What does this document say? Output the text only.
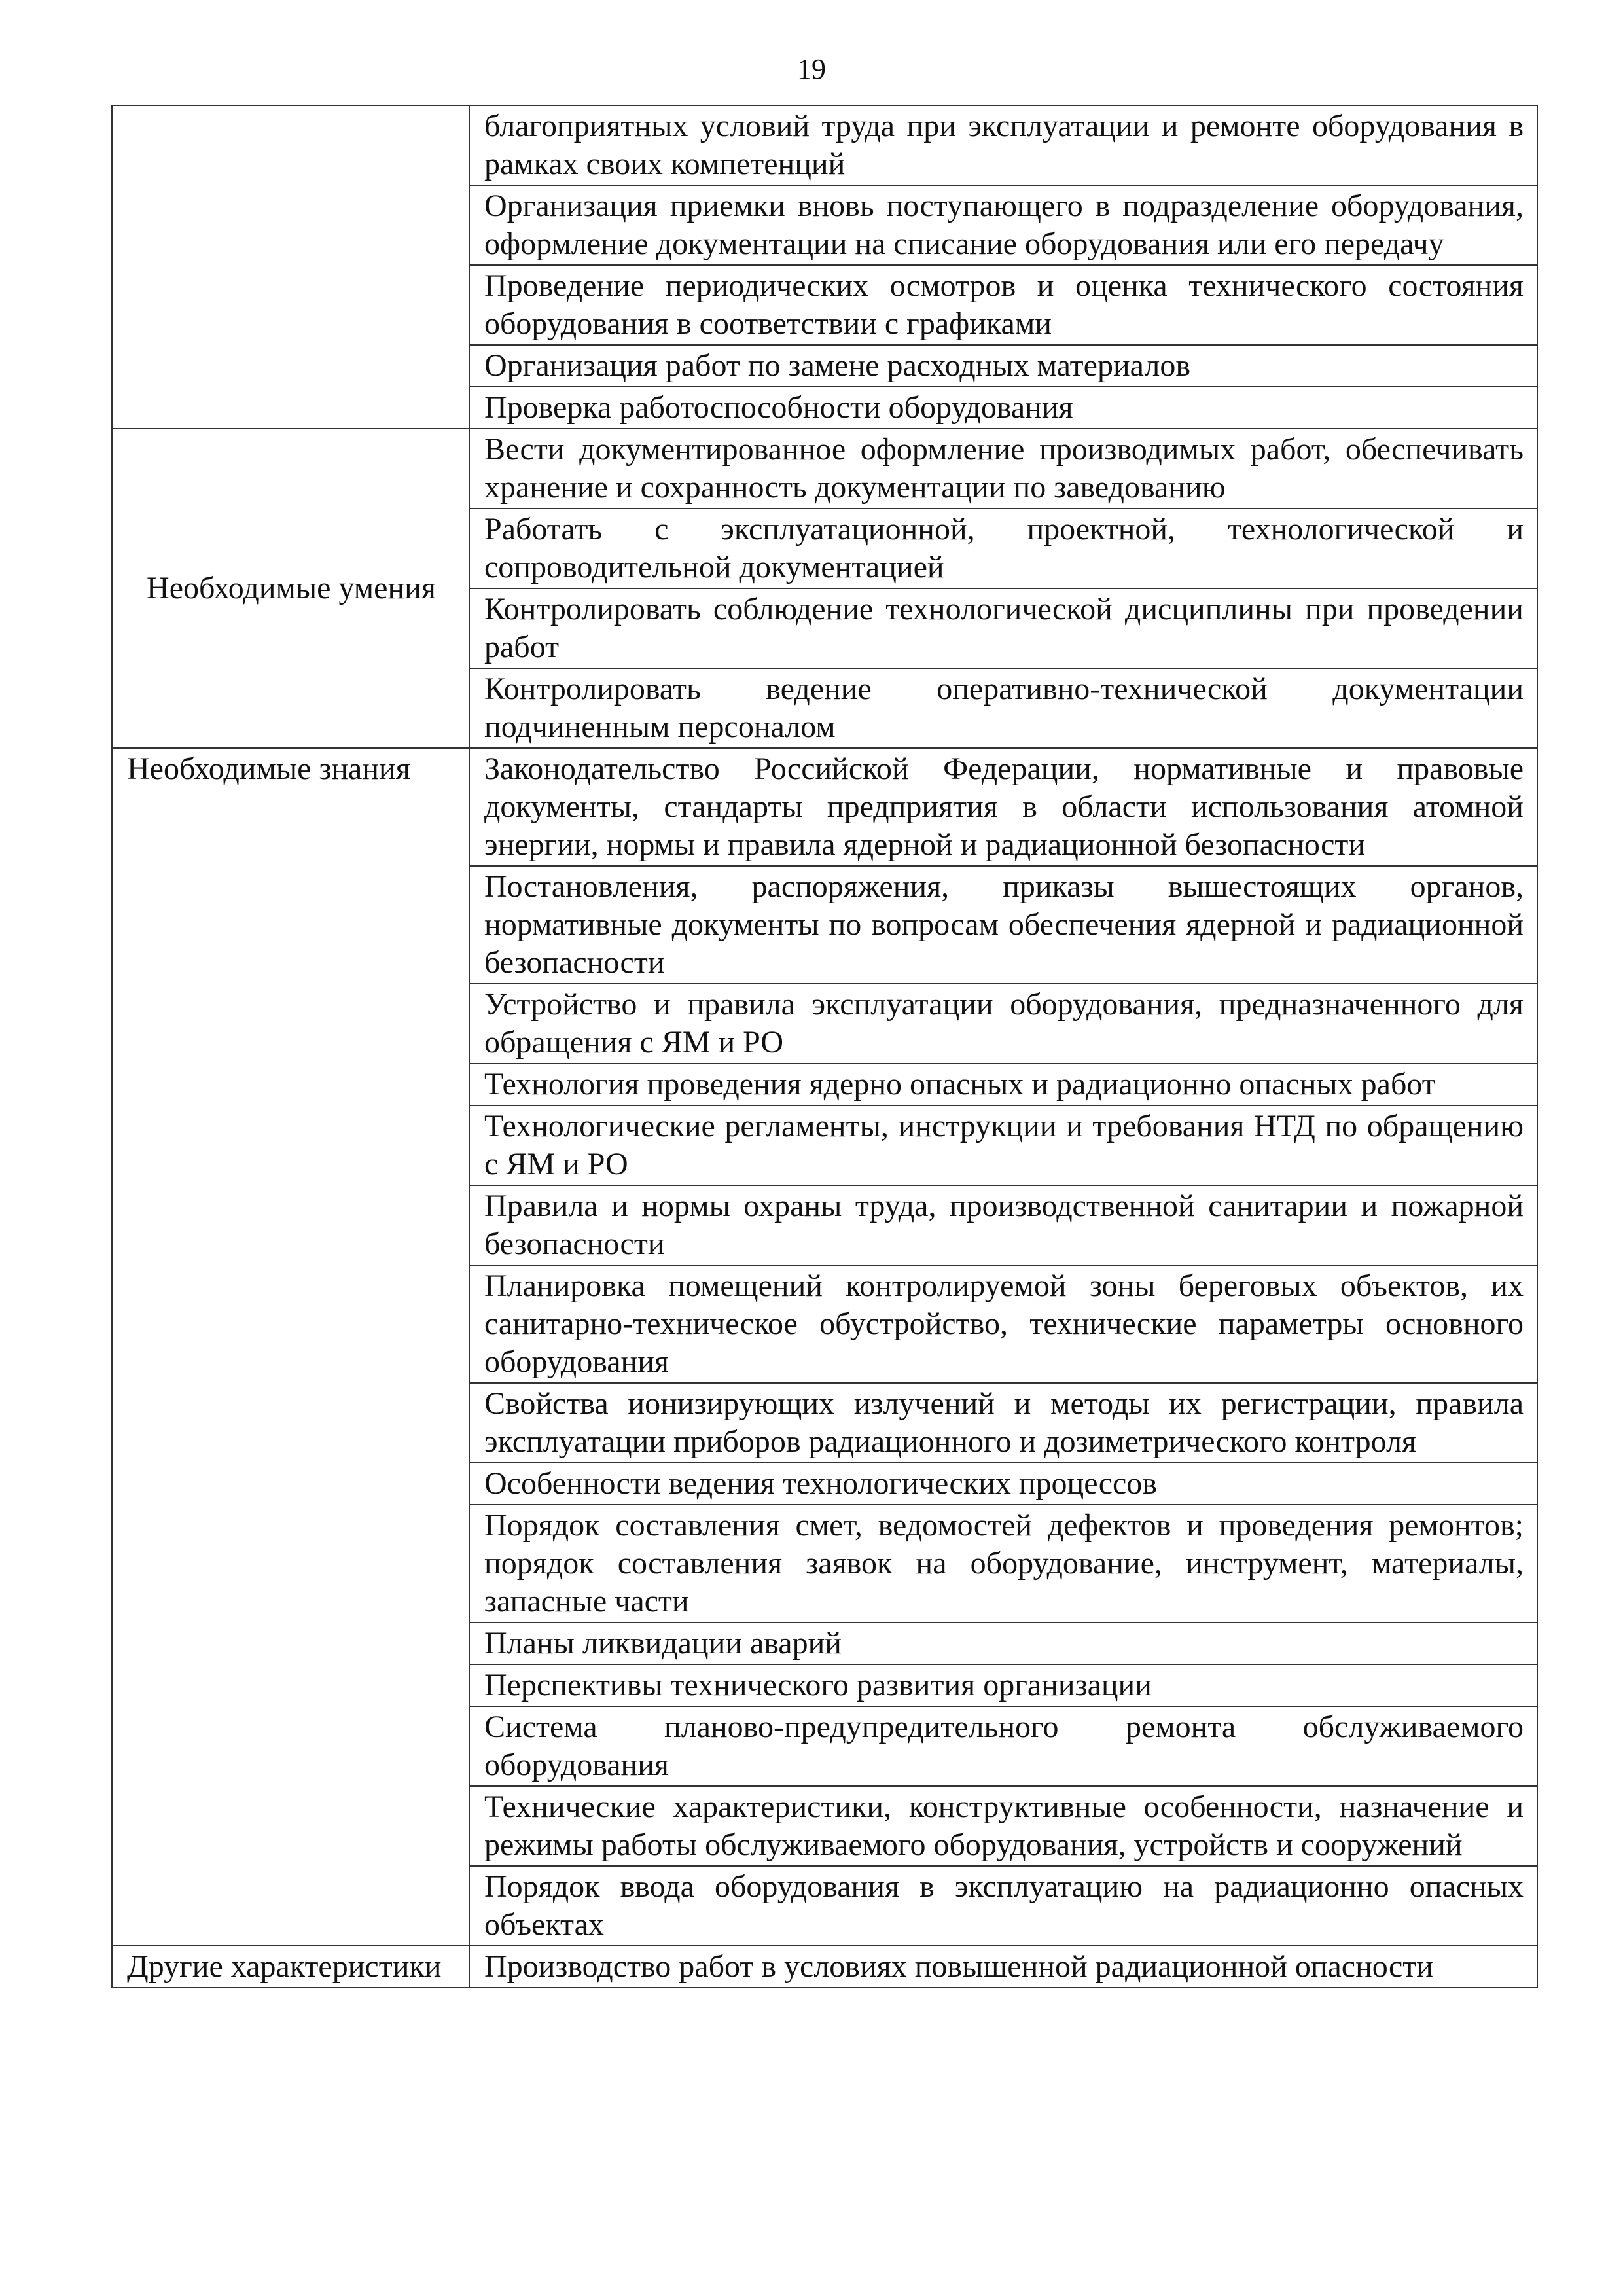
19
	благоприятных условий труда при эксплуатации и ремонте оборудования в рамках своих компетенций
	Организация приемки вновь поступающего в подразделение оборудования, оформление документации на списание оборудования или его передачу
	Проведение периодических осмотров и оценка технического состояния оборудования в соответствии с графиками
	Организация работ по замене расходных материалов
	Проверка работоспособности оборудования
Необходимые умения	Вести документированное оформление производимых работ, обеспечивать хранение и сохранность документации по заведованию
	Работать с эксплуатационной, проектной, технологической и сопроводительной документацией
	Контролировать соблюдение технологической дисциплины при проведении работ
	Контролировать ведение оперативно-технической документации подчиненным персоналом
Необходимые знания	Законодательство Российской Федерации, нормативные и правовые документы, стандарты предприятия в области использования атомной энергии, нормы и правила ядерной и радиационной безопасности
	Постановления, распоряжения, приказы вышестоящих органов, нормативные документы по вопросам обеспечения ядерной и радиационной безопасности
	Устройство и правила эксплуатации оборудования, предназначенного для обращения с ЯМ и РО
	Технология проведения ядерно опасных и радиационно опасных работ
	Технологические регламенты, инструкции и требования НТД по обращению с ЯМ и РО
	Правила и нормы охраны труда, производственной санитарии и пожарной безопасности
	Планировка помещений контролируемой зоны береговых объектов, их санитарно-техническое обустройство, технические параметры основного оборудования
	Свойства ионизирующих излучений и методы их регистрации, правила эксплуатации приборов радиационного и дозиметрического контроля
	Особенности ведения технологических процессов
	Порядок составления смет, ведомостей дефектов и проведения ремонтов; порядок составления заявок на оборудование, инструмент, материалы, запасные части
	Планы ликвидации аварий
	Перспективы технического развития организации
	Система планово-предупредительного ремонта обслуживаемого оборудования
	Технические характеристики, конструктивные особенности, назначение и режимы работы обслуживаемого оборудования, устройств и сооружений
	Порядок ввода оборудования в эксплуатацию на радиационно опасных объектах
Другие характеристики	Производство работ в условиях повышенной радиационной опасности
